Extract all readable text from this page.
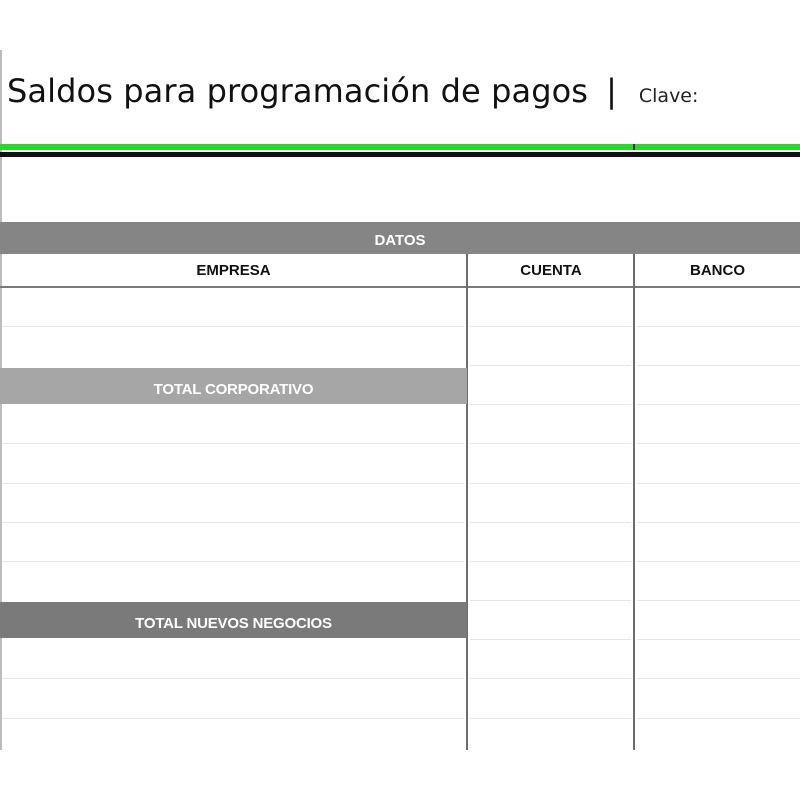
Saldos para programación de pagos | Clave:
DATOS
EMPRESA	CUENTA	BANCO
TOTAL CORPORATIVO
TOTAL NUEVOS NEGOCIOS
